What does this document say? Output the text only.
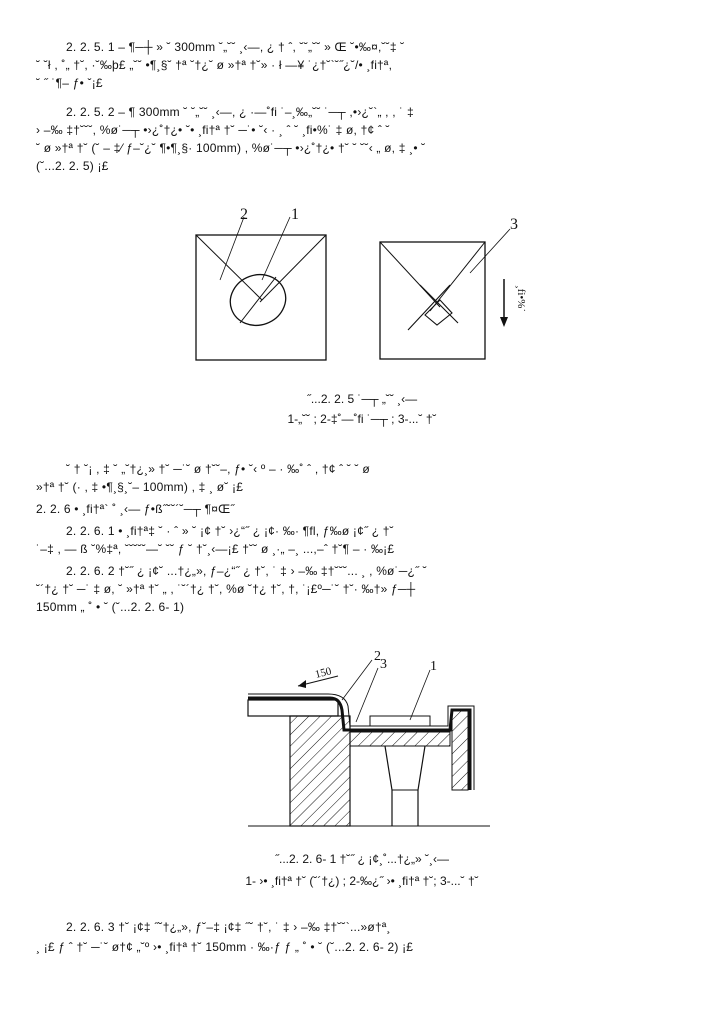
2. 2. 5. 1 – ¶─┼ » ˘ 300mm ˘„˘˘ ¸‹—, ¿ † ˆ, ˘˘„˘˘ » Œ ˘•‰¤,˘˘‡ ˘
˘ ˘ł , ˚„ †˘, ·˘‰þ£ „˘˘ •¶¸§˘ †ª ˘†¿˘ ø »†ª †˘» · ł —¥ ˙¿†˘`˘˝¿˘/• ¸fi†ª,
˘ ˝ ˙¶– ƒ• ˇ¡£
2. 2. 5. 2 – ¶ 300mm ˘ ˘„˘˘ ¸‹—, ¿ ·—˚fi ˙–¸‰„˘˘ ˙─┬ ,•›¿˘`„ , , ˙ ‡
› –‰ ‡†˘˘˘, %ø˙─┬ •›¿˚†¿• ˘• ¸fi†ª †˘ ─˙• ˘‹ · ¸ ˆ ˘ ¸fi•%˙ ‡ ø, †¢ ˆ ˘
˘ ø »†ª †˘ (˘ – ‡⁄ ƒ–˘¿˘ ¶•¶¸§· 100mm) , %ø˙─┬ •›¿˚†¿• †˘ ˘ ˘˘‹ „ ø, ‡ ¸• ˘
(˘...2. 2. 5) ¡£
2	1
3
¸fi•%˙
˝...2. 2. 5 ˙─┬ „˘˘ ¸‹—
1-„˘˘ ; 2-‡˚—˚fi ˙─┬ ; 3-...˘ †˘
˘ † ˘¡ , ‡ ˘ „˘†¿¸» †˘ ─˙˘ ø †˘˘–, ƒ• ˘‹ º – · ‰˚ ˆ , †¢ ˆ ˘ ˘ ø
»†ª †˘ (· , ‡ •¶¸§¸˘– 100mm) , ‡ ¸ ø˘ ¡£
2. 2. 6 • ¸fi†ª` ˚ ¸‹— ƒ•ß˝˘˘´˘─┬ ¶¤Œ˝
2. 2. 6. 1 • ¸fi†ª‡ ˘ · ˆ » ˘ ¡¢ †˘ ›¿“˝ ¿ ¡¢· ‰· ¶fl, ƒ‰ø ¡¢˝ ¿ †˘
˙–‡ , — ß ˘%‡ª, ˘˘˘˘˘—˘ ˘˘ ƒ ˘ †˘¸‹—¡£ †˘˘ ø ¸·„ –¸ ...,–ˆ †˘¶ – · ‰¡£
2. 2. 6. 2 †˘˝ ¿ ¡¢˘ ...†¿„», ƒ‒¿“˝ ¿ †˘, ˙ ‡ › –‰ ‡†˘˘˘... ¸ , %ø˙─¿˝ ˘
˘´†¿ †˘ ─˙ ‡ ø, ˘ »†ª †˘ „ , ˙˘´†¿ †˘, %ø ˘†¿ †˘, †, ˙¡£º─˙˘ †˘· ‰†» ƒ─┼
150mm „ ˚ • ˘ (˘...2. 2. 6- 1)
150
2
3	1
˝...2. 2. 6- 1 †˘˝ ¿ ¡¢¸˚...†¿„» ˘¸‹—
1- ›• ¸fi†ª †˘ (˘´†¿) ; 2-‰¿˝ ›• ¸fi†ª †˘; 3-...˘ †˘
2. 2. 6. 3 †˘ ¡¢‡ ˝˘†¿„», ƒ˘–‡ ¡¢‡ ˝˘ †˘, ˙ ‡ › –‰ ‡†˘˘`...»ø†ª¸
¸ ¡£ ƒ ˆ †˘ ─˙˘ ø†¢ „˘º ›• ¸fi†ª †˘ 150mm · ‰·ƒ ƒ „ ˚ • ˘ (˘...2. 2. 6- 2) ¡£
